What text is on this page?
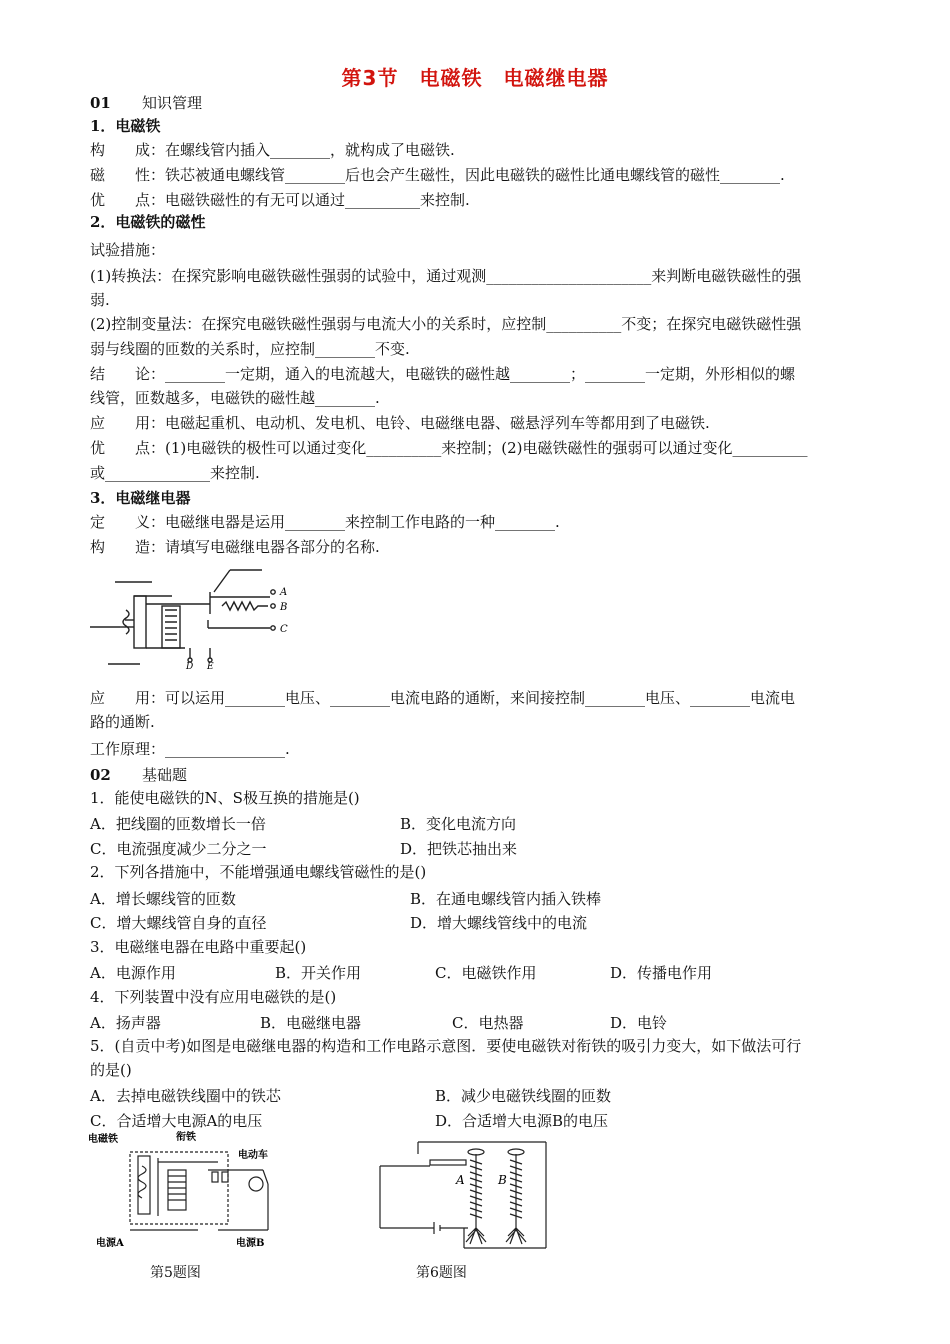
第3节　电磁铁　电磁继电器
01 知识管理
1．电磁铁
构　　成：在螺线管内插入________，就构成了电磁铁.
磁　　性：铁芯被通电螺线管________后也会产生磁性，因此电磁铁的磁性比通电螺线管的磁性________.
优　　点：电磁铁磁性的有无可以通过__________来控制.
2．电磁铁的磁性
试验措施：
(1)转换法：在探究影响电磁铁磁性强弱的试验中，通过观测______________________来判断电磁铁磁性的强
弱.
(2)控制变量法：在探究电磁铁磁性强弱与电流大小的关系时，应控制__________不变；在探究电磁铁磁性强
弱与线圈的匝数的关系时，应控制________不变.
结　　论：________一定期，通入的电流越大，电磁铁的磁性越________；________一定期，外形相似的螺
线管，匝数越多，电磁铁的磁性越________.
应　　用：电磁起重机、电动机、发电机、电铃、电磁继电器、磁悬浮列车等都用到了电磁铁.
优　　点：(1)电磁铁的极性可以通过变化__________来控制；(2)电磁铁磁性的强弱可以通过变化__________
或______________来控制.
3．电磁继电器
定　　义：电磁继电器是运用________来控制工作电路的一种________.
构　　造：请填写电磁继电器各部分的名称.
A
B
C
D E
应　　用：可以运用________电压、________电流电路的通断，来间接控制________电压、________电流电
路的通断.
工作原理：________________.
02 基础题
1．能使电磁铁的N、S极互换的措施是()
A．把线圈的匝数增长一倍	B．变化电流方向
C．电流强度减少二分之一	D．把铁芯抽出来
2．下列各措施中，不能增强通电螺线管磁性的是()
A．增长螺线管的匝数	B．在通电螺线管内插入铁棒
C．增大螺线管自身的直径	D．增大螺线管线中的电流
3．电磁继电器在电路中重要起()
A．电源作用	B．开关作用	C．电磁铁作用	D．传播电作用
4．下列装置中没有应用电磁铁的是()
A．扬声器	B．电磁继电器	C．电热器	D．电铃
5．(自贡中考)如图是电磁继电器的构造和工作电路示意图．要使电磁铁对衔铁的吸引力变大，如下做法可行
的是()
A．去掉电磁铁线圈中的铁芯	B．减少电磁铁线圈的匝数
C．合适增大电源A的电压	D．合适增大电源B的电压
电磁铁	衔铁
电动车
电源A	电源B
第5题图
A	B
第6题图
